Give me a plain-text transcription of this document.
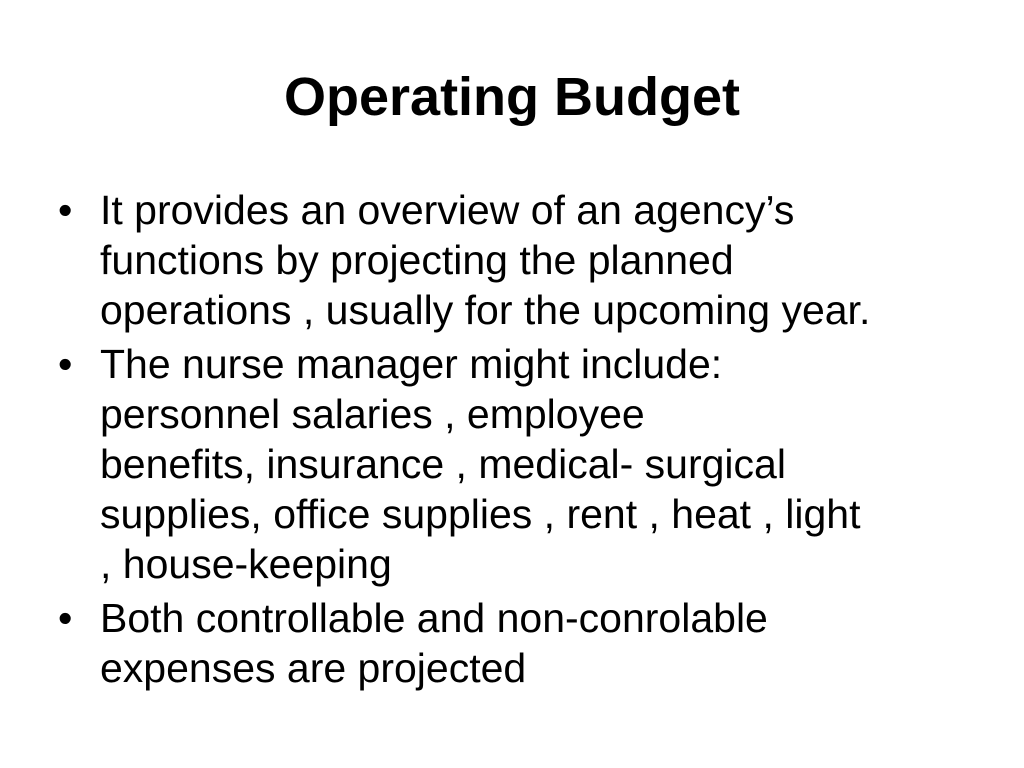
Operating Budget
• It provides an overview of an agency’s
functions by projecting the planned
operations , usually for the upcoming year.
• The nurse manager might include:
personnel salaries , employee
benefits, insurance , medical- surgical
supplies, office supplies , rent , heat , light
, house-keeping
• Both controllable and non-conrolable
expenses are projected
